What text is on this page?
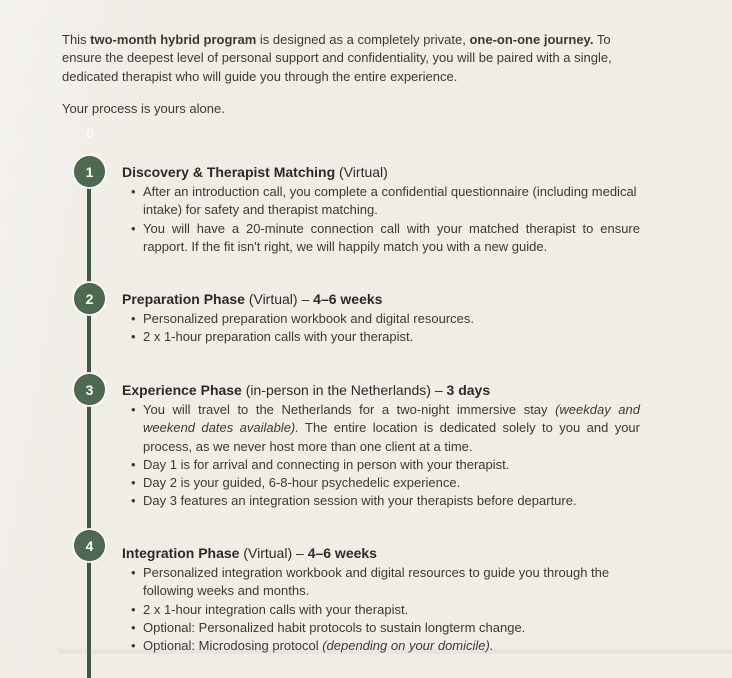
This two-month hybrid program is designed as a completely private, one-on-one journey. To ensure the deepest level of personal support and confidentiality, you will be paired with a single, dedicated therapist who will guide you through the entire experience.

Your process is yours alone.

0
1	Discovery & Therapist Matching (Virtual)
• After an introduction call, you complete a confidential questionnaire (including medical intake) for safety and therapist matching.
• You will have a 20-minute connection call with your matched therapist to ensure rapport. If the fit isn't right, we will happily match you with a new guide.
2	Preparation Phase (Virtual) – 4–6 weeks
• Personalized preparation workbook and digital resources.
• 2 x 1-hour preparation calls with your therapist.
3	Experience Phase (in-person in the Netherlands) – 3 days
• You will travel to the Netherlands for a two-night immersive stay (weekday and weekend dates available). The entire location is dedicated solely to you and your process, as we never host more than one client at a time.
• Day 1 is for arrival and connecting in person with your therapist.
• Day 2 is your guided, 6-8-hour psychedelic experience.
• Day 3 features an integration session with your therapists before departure.
4	Integration Phase (Virtual) – 4–6 weeks
• Personalized integration workbook and digital resources to guide you through the following weeks and months.
• 2 x 1-hour integration calls with your therapist.
• Optional: Personalized habit protocols to sustain longterm change.
• Optional: Microdosing protocol (depending on your domicile).
